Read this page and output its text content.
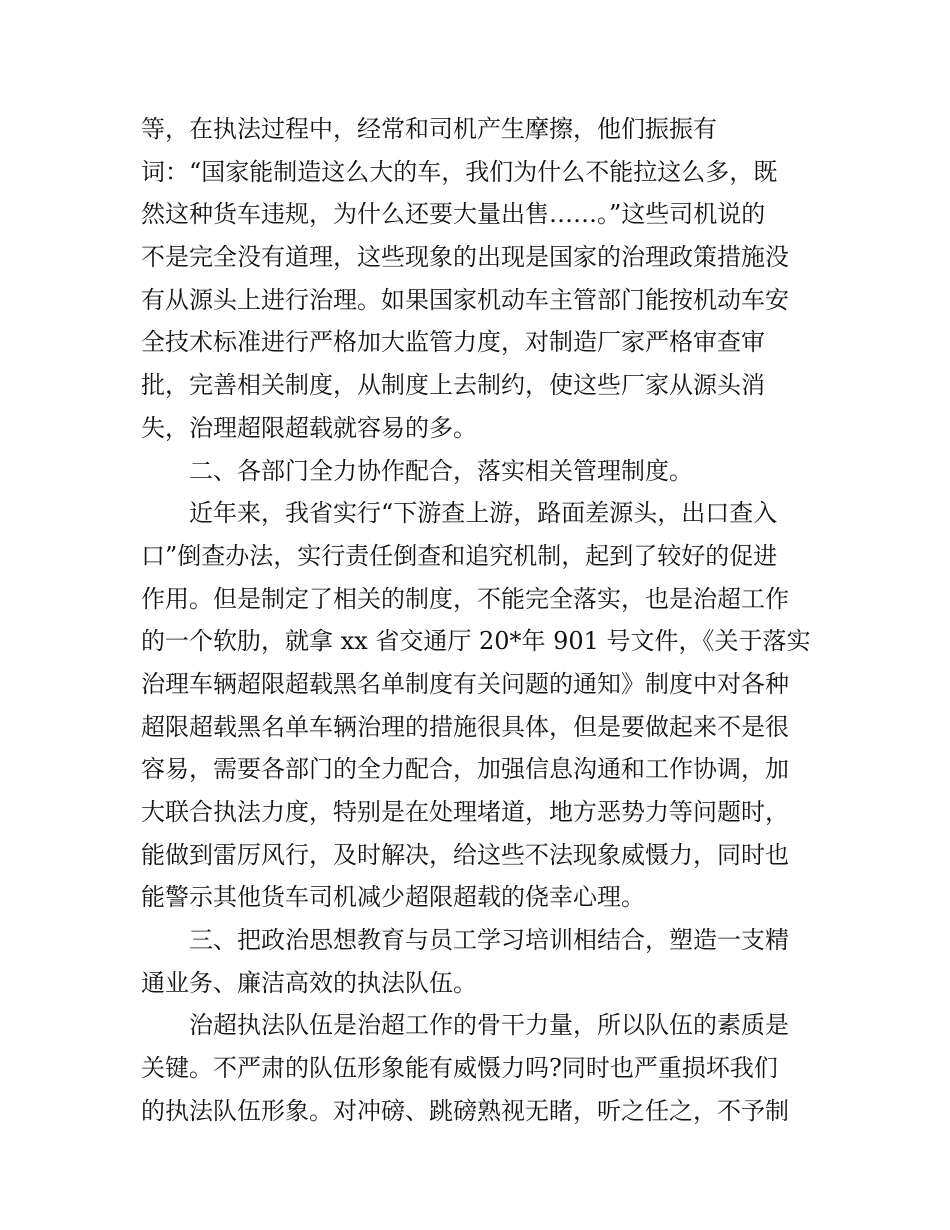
等，在执法过程中，经常和司机产生摩擦，他们振振有
词：“国家能制造这么大的车，我们为什么不能拉这么多，既
然这种货车违规，为什么还要大量出售……。”这些司机说的
不是完全没有道理，这些现象的出现是国家的治理政策措施没
有从源头上进行治理。如果国家机动车主管部门能按机动车安
全技术标准进行严格加大监管力度，对制造厂家严格审查审
批，完善相关制度，从制度上去制约，使这些厂家从源头消
失，治理超限超载就容易的多。
二、各部门全力协作配合，落实相关管理制度。
近年来，我省实行“下游查上游，路面差源头，出口查入
口”倒查办法，实行责任倒查和追究机制，起到了较好的促进
作用。但是制定了相关的制度，不能完全落实，也是治超工作
的一个软肋，就拿 xx 省交通厅 20*年 901 号文件，《关于落实
治理车辆超限超载黑名单制度有关问题的通知》制度中对各种
超限超载黑名单车辆治理的措施很具体，但是要做起来不是很
容易，需要各部门的全力配合，加强信息沟通和工作协调，加
大联合执法力度，特别是在处理堵道，地方恶势力等问题时，
能做到雷厉风行，及时解决，给这些不法现象威慑力，同时也
能警示其他货车司机减少超限超载的侥幸心理。
三、把政治思想教育与员工学习培训相结合，塑造一支精
通业务、廉洁高效的执法队伍。
治超执法队伍是治超工作的骨干力量，所以队伍的素质是
关键。不严肃的队伍形象能有威慑力吗?同时也严重损坏我们
的执法队伍形象。对冲磅、跳磅熟视无睹，听之任之，不予制
